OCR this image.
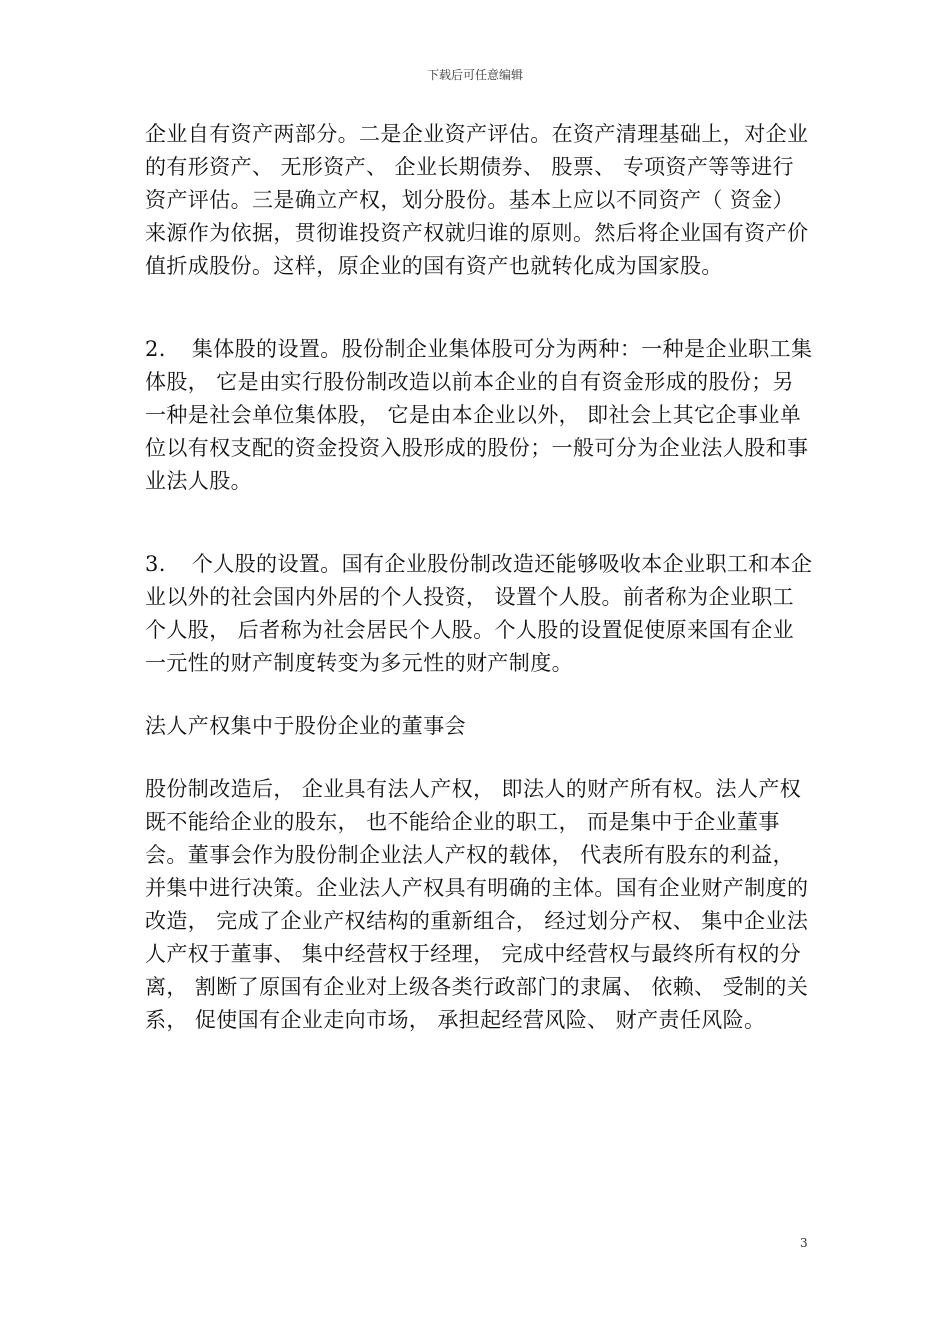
下载后可任意编辑

企业自有资产两部分。二是企业资产评估。在资产清理基础上，对企业的有形资产、 无形资产、 企业长期债券、 股票、 专项资产等等进行资产评估。三是确立产权，划分股份。基本上应以不同资产（ 资金） 来源作为依据，贯彻谁投资产权就归谁的原则。然后将企业国有资产价值折成股份。这样，原企业的国有资产也就转化成为国家股。

2. 集体股的设置。股份制企业集体股可分为两种：一种是企业职工集体股， 它是由实行股份制改造以前本企业的自有资金形成的股份；另一种是社会单位集体股， 它是由本企业以外， 即社会上其它企事业单位以有权支配的资金投资入股形成的股份；一般可分为企业法人股和事业法人股。

3. 个人股的设置。国有企业股份制改造还能够吸收本企业职工和本企业以外的社会国内外居的个人投资， 设置个人股。前者称为企业职工个人股， 后者称为社会居民个人股。个人股的设置促使原来国有企业一元性的财产制度转变为多元性的财产制度。

法人产权集中于股份企业的董事会

股份制改造后， 企业具有法人产权， 即法人的财产所有权。法人产权既不能给企业的股东， 也不能给企业的职工， 而是集中于企业董事会。董事会作为股份制企业法人产权的载体， 代表所有股东的利益， 并集中进行决策。企业法人产权具有明确的主体。国有企业财产制度的改造， 完成了企业产权结构的重新组合， 经过划分产权、 集中企业法人产权于董事、 集中经营权于经理， 完成中经营权与最终所有权的分离， 割断了原国有企业对上级各类行政部门的隶属、 依赖、 受制的关系， 促使国有企业走向市场， 承担起经营风险、 财产责任风险。

3
